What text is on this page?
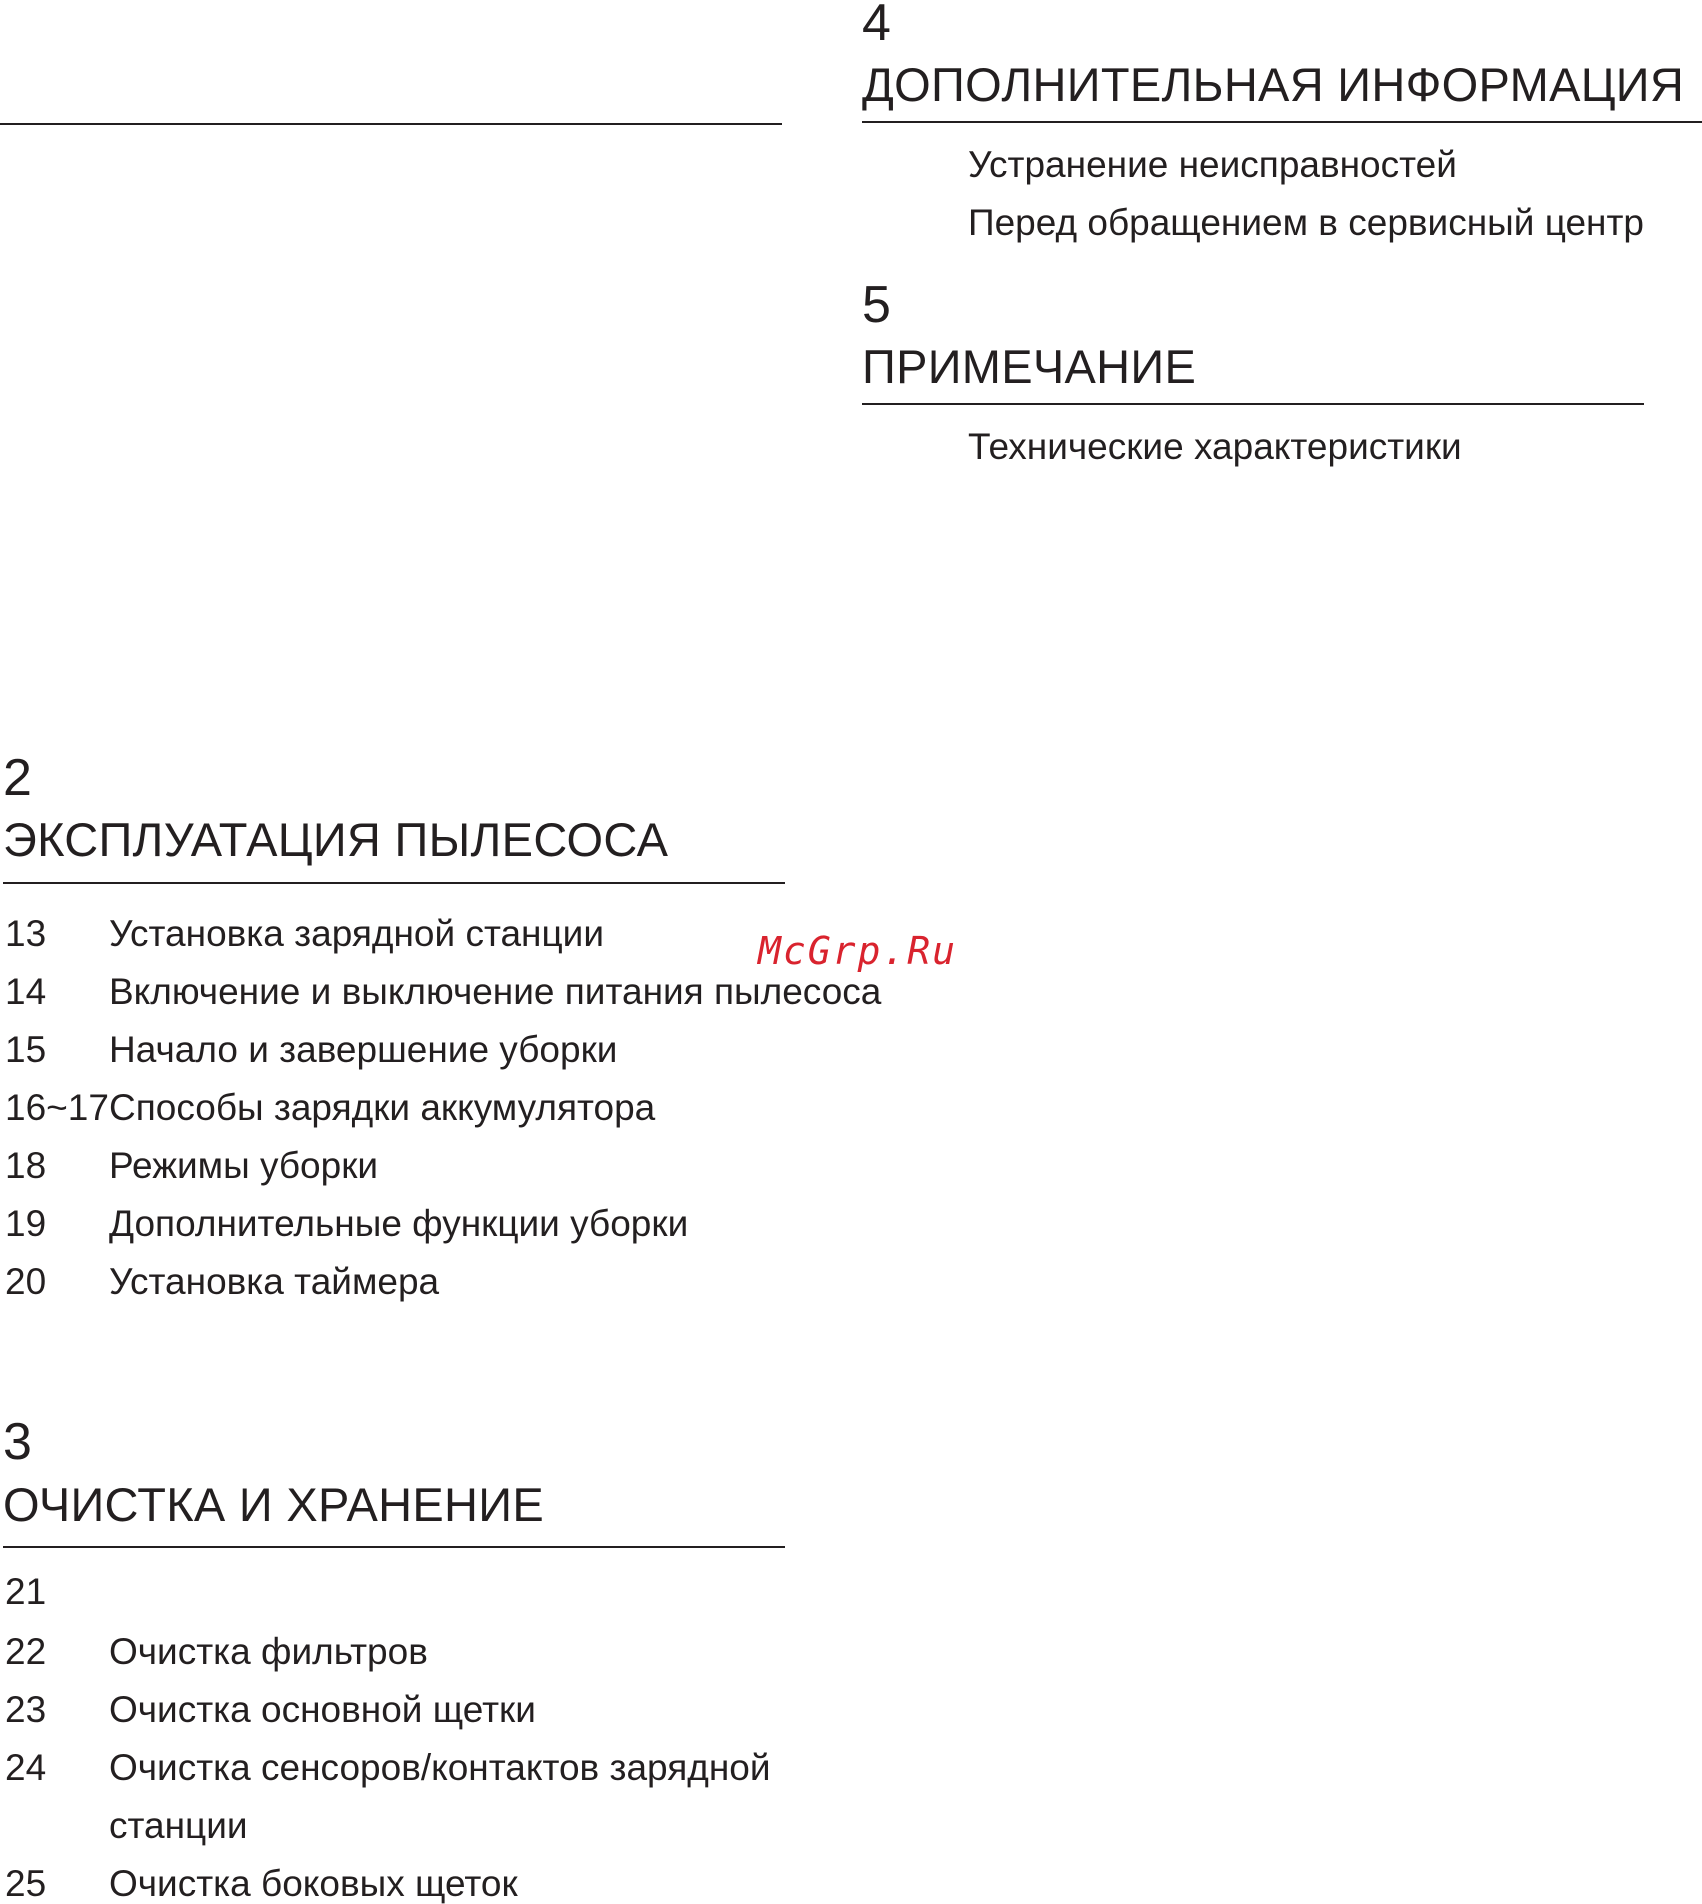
4
ДОПОЛНИТЕЛЬНАЯ ИНФОРМАЦИЯ
Устранение неисправностей
Перед обращением в сервисный центр
5
ПРИМЕЧАНИЕ
Технические характеристики
2
ЭКСПЛУАТАЦИЯ ПЫЛЕСОСА
13 Установка зарядной станции
14 Включение и выключение питания пылесоса
15 Начало и завершение уборки
16~17 Способы зарядки аккумулятора
18 Режимы уборки
19 Дополнительные функции уборки
20 Установка таймера
McGrp.Ru
3
ОЧИСТКА И ХРАНЕНИЕ
21
22 Очистка фильтров
23 Очистка основной щетки
24 Очистка сенсоров/контактов зарядной
станции
25 Очистка боковых щеток
